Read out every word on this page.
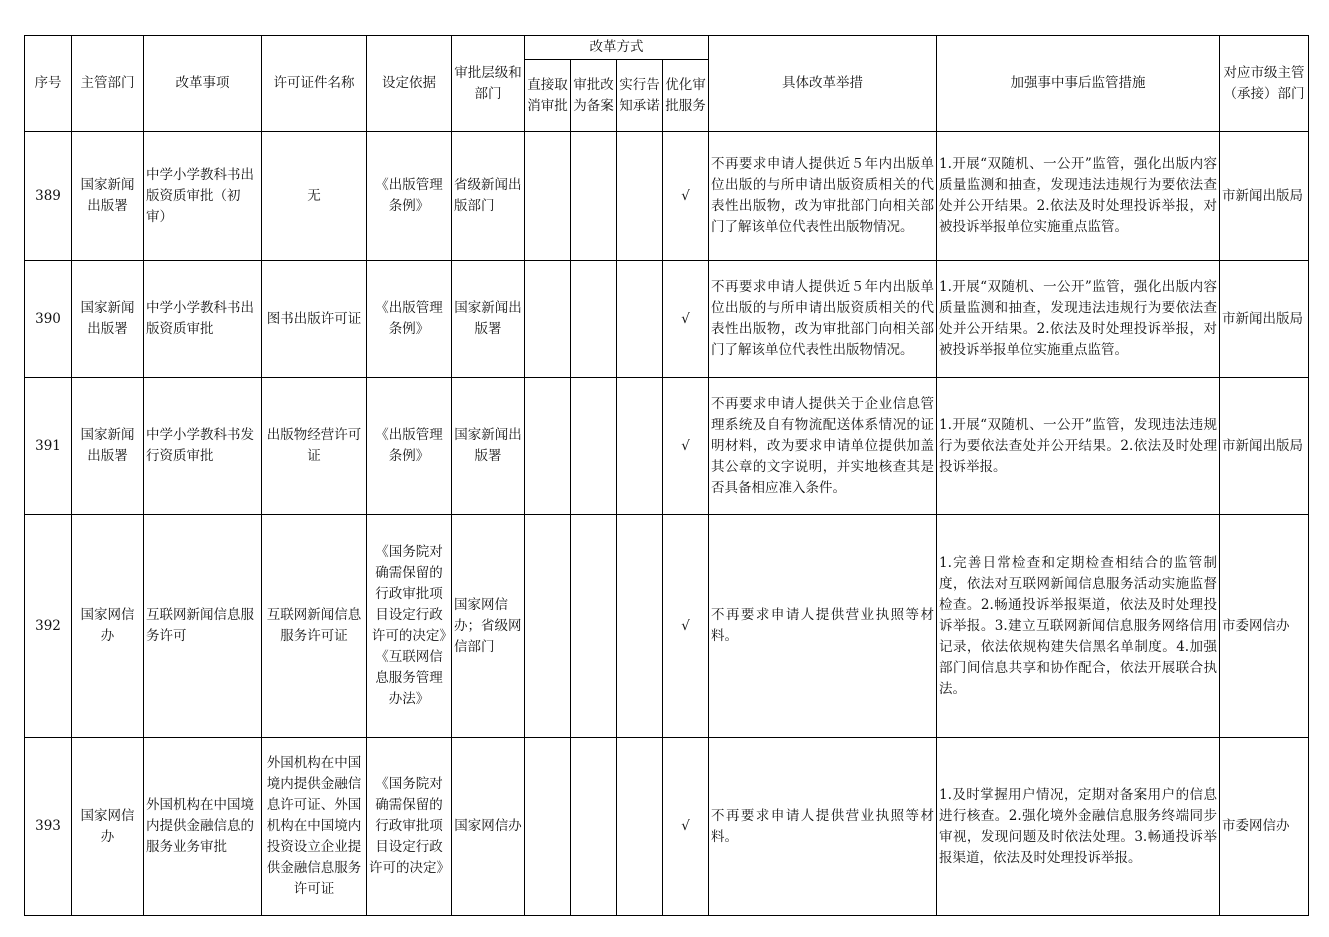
序号	主管部门	改革事项	许可证件名称	设定依据	审批层级和部门	改革方式				具体改革举措	加强事中事后监管措施	对应市级主管（承接）部门
						直接取消审批	审批改为备案	实行告知承诺	优化审批服务			
389	国家新闻出版署	中学小学教科书出版资质审批（初审）	无	《出版管理条例》	省级新闻出版部门				√	不再要求申请人提供近５年内出版单位出版的与所申请出版资质相关的代表性出版物，改为审批部门向相关部门了解该单位代表性出版物情况。	1.开展“双随机、一公开”监管，强化出版内容质量监测和抽查，发现违法违规行为要依法查处并公开结果。2.依法及时处理投诉举报，对被投诉举报单位实施重点监管。	市新闻出版局
390	国家新闻出版署	中学小学教科书出版资质审批	图书出版许可证	《出版管理条例》	国家新闻出版署				√	不再要求申请人提供近５年内出版单位出版的与所申请出版资质相关的代表性出版物，改为审批部门向相关部门了解该单位代表性出版物情况。	1.开展“双随机、一公开”监管，强化出版内容质量监测和抽查，发现违法违规行为要依法查处并公开结果。2.依法及时处理投诉举报，对被投诉举报单位实施重点监管。	市新闻出版局
391	国家新闻出版署	中学小学教科书发行资质审批	出版物经营许可证	《出版管理条例》	国家新闻出版署				√	不再要求申请人提供关于企业信息管理系统及自有物流配送体系情况的证明材料，改为要求申请单位提供加盖其公章的文字说明，并实地核查其是否具备相应准入条件。	1.开展“双随机、一公开”监管，发现违法违规行为要依法查处并公开结果。2.依法及时处理投诉举报。	市新闻出版局
392	国家网信办	互联网新闻信息服务许可	互联网新闻信息服务许可证	《国务院对确需保留的行政审批项目设定行政许可的决定》《互联网信息服务管理办法》	国家网信办；省级网信部门				√	不再要求申请人提供营业执照等材料。	1.完善日常检查和定期检查相结合的监管制度，依法对互联网新闻信息服务活动实施监督检查。2.畅通投诉举报渠道，依法及时处理投诉举报。3.建立互联网新闻信息服务网络信用记录，依法依规构建失信黑名单制度。4.加强部门间信息共享和协作配合，依法开展联合执法。	市委网信办
393	国家网信办	外国机构在中国境内提供金融信息的服务业务审批	外国机构在中国境内提供金融信息许可证、外国机构在中国境内投资设立企业提供金融信息服务许可证	《国务院对确需保留的行政审批项目设定行政许可的决定》	国家网信办				√	不再要求申请人提供营业执照等材料。	1.及时掌握用户情况，定期对备案用户的信息进行核查。2.强化境外金融信息服务终端同步审视，发现问题及时依法处理。3.畅通投诉举报渠道，依法及时处理投诉举报。	市委网信办
